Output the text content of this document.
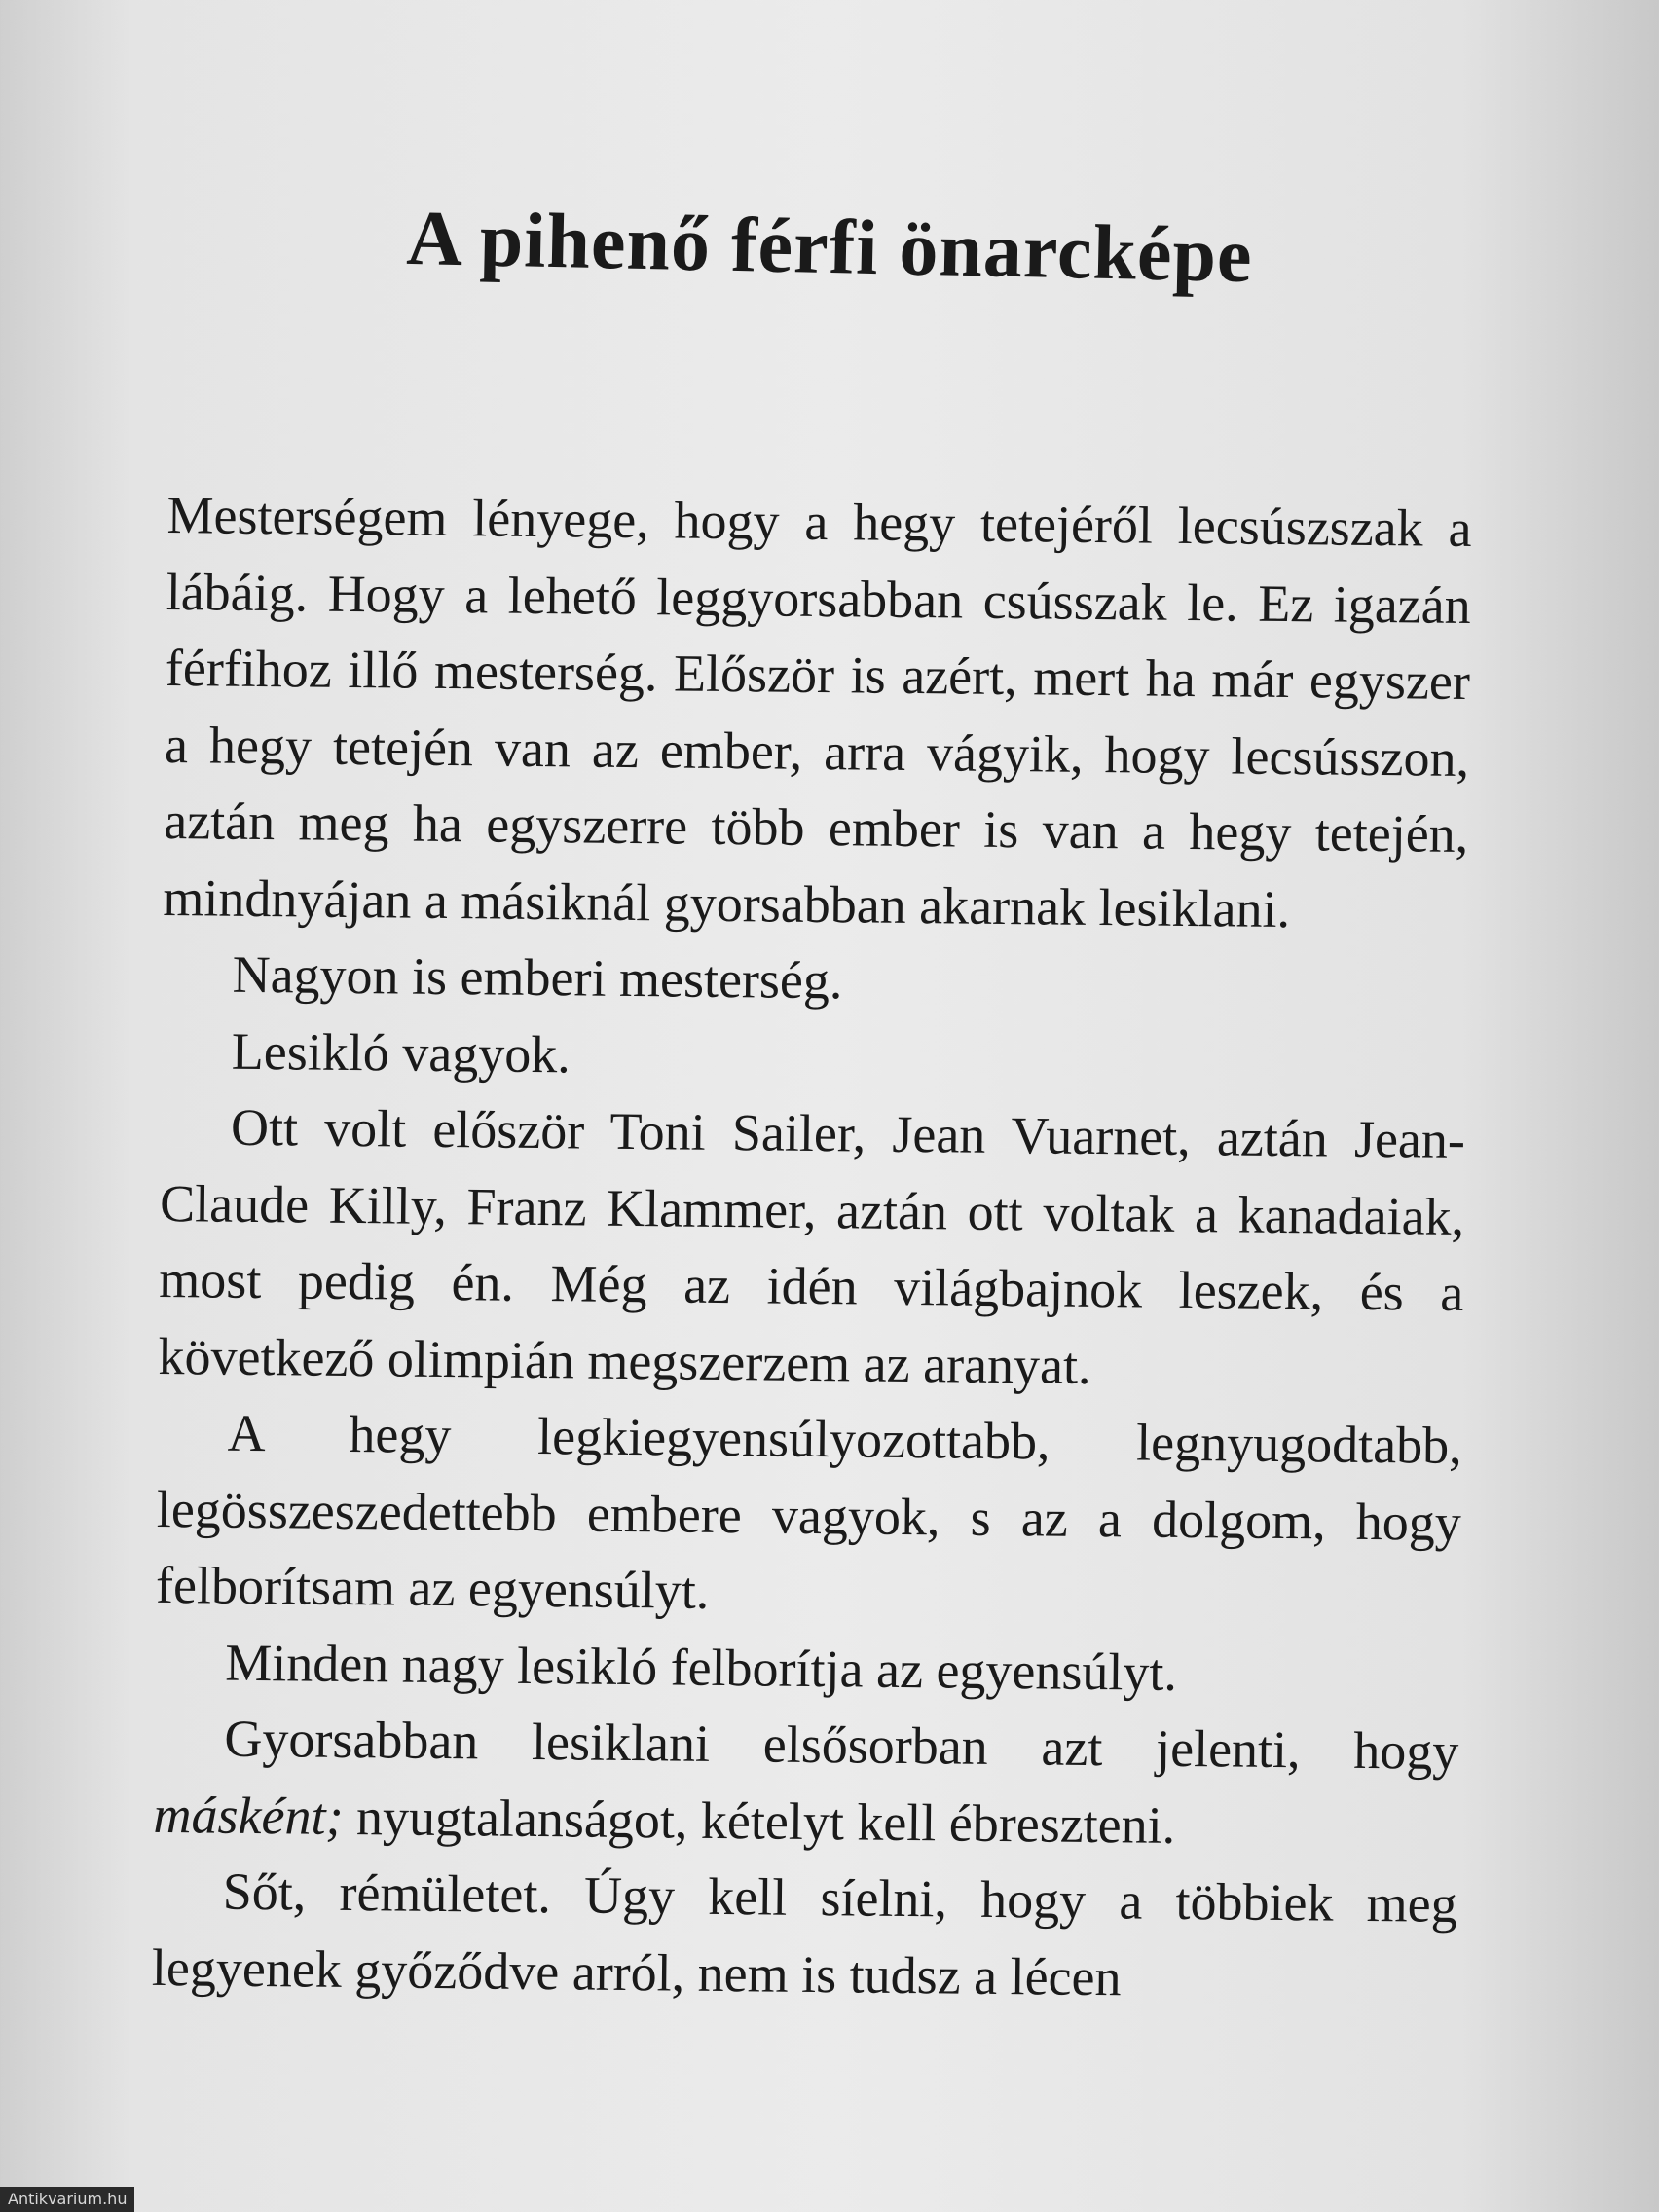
A pihenő férfi önarcképe

Mesterségem lényege, hogy a hegy tetejéről lecsúszszak a lábáig. Hogy a lehető leggyorsabban csússzak le. Ez igazán férfihoz illő mesterség. Először is azért, mert ha már egyszer a hegy tetején van az ember, arra vágyik, hogy lecsússzon, aztán meg ha egyszerre több ember is van a hegy tetején, mindnyájan a másiknál gyorsabban akarnak lesiklani.

Nagyon is emberi mesterség.

Lesikló vagyok.

Ott volt először Toni Sailer, Jean Vuarnet, aztán Jean-Claude Killy, Franz Klammer, aztán ott voltak a kanadaiak, most pedig én. Még az idén világbajnok leszek, és a következő olimpián megszerzem az aranyat.

A hegy legkiegyensúlyozottabb, legnyugodtabb, legösszeszedettebb embere vagyok, s az a dolgom, hogy felborítsam az egyensúlyt.

Minden nagy lesikló felborítja az egyensúlyt.

Gyorsabban lesiklani elsősorban azt jelenti, hogy másként; nyugtalanságot, kételyt kell ébreszteni.

Sőt, rémületet. Úgy kell síelni, hogy a többiek meg legyenek győződve arról, nem is tudsz a lécen

Antikvarium.hu
